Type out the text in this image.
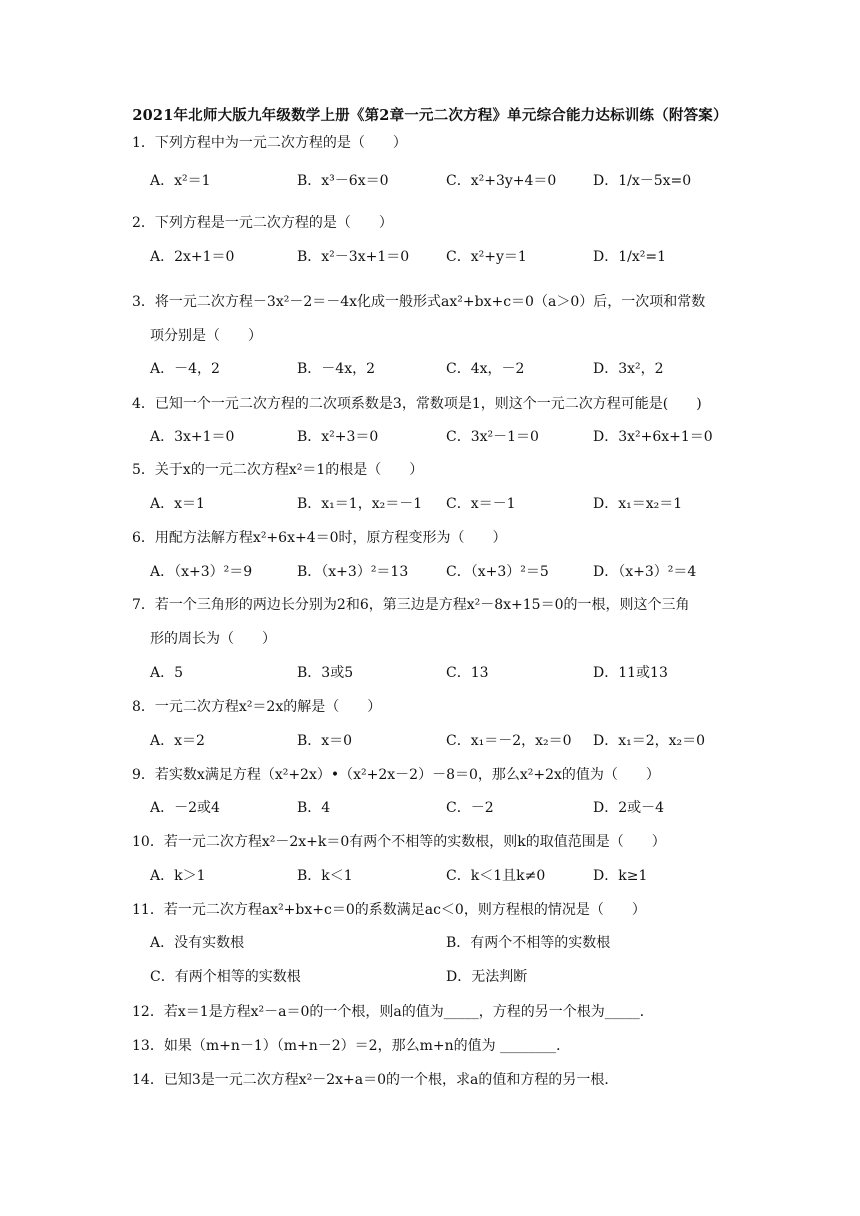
2021年北师大版九年级数学上册《第2章一元二次方程》单元综合能力达标训练（附答案）
1．下列方程中为一元二次方程的是（　　）
A．x²＝1	B．x³－6x＝0	C．x²+3y+4＝0	D．1/x－5x=0
2．下列方程是一元二次方程的是（　　）
A．2x+1＝0	B．x²－3x+1＝0	C．x²+y＝1	D．1/x²=1
3．将一元二次方程－3x²－2＝－4x化成一般形式ax²+bx+c＝0（a＞0）后，一次项和常数
项分别是（　　）
A．－4，2	B．－4x，2	C．4x，－2	D．3x²，2
4．已知一个一元二次方程的二次项系数是3，常数项是1，则这个一元二次方程可能是(　　)
A．3x+1＝0	B．x²+3＝0	C．3x²－1＝0	D．3x²+6x+1＝0
5．关于x的一元二次方程x²＝1的根是（　　）
A．x＝1	B．x₁＝1，x₂＝－1 C．x＝－1	D．x₁＝x₂＝1
6．用配方法解方程x²+6x+4＝0时，原方程变形为（　　）
A．（x+3）²＝9	B．（x+3）²＝13	C．（x+3）²＝5	D．（x+3）²＝4
7．若一个三角形的两边长分别为2和6，第三边是方程x²－8x+15＝0的一根，则这个三角
形的周长为（　　）
A．5	B．3或5	C．13	D．11或13
8．一元二次方程x²＝2x的解是（　　）
A．x＝2	B．x＝0	C．x₁＝－2，x₂＝0 D．x₁＝2，x₂＝0
9．若实数x满足方程（x²+2x）•（x²+2x－2）－8＝0，那么x²+2x的值为（　　）
A．－2或4	B．4	C．－2	D．2或－4
10．若一元二次方程x²－2x+k＝0有两个不相等的实数根，则k的取值范围是（　　）
A．k＞1	B．k＜1	C．k＜1且k≠0	D．k≥1
11．若一元二次方程ax²+bx+c＝0的系数满足ac＜0，则方程根的情况是（　　）
A．没有实数根	B．有两个不相等的实数根
C．有两个相等的实数根	D．无法判断
12．若x＝1是方程x²－a＝0的一个根，则a的值为_____，方程的另一个根为_____．
13．如果（m+n－1）（m+n－2）＝2，那么m+n的值为 ________．
14．已知3是一元二次方程x²－2x+a＝0的一个根，求a的值和方程的另一根．
